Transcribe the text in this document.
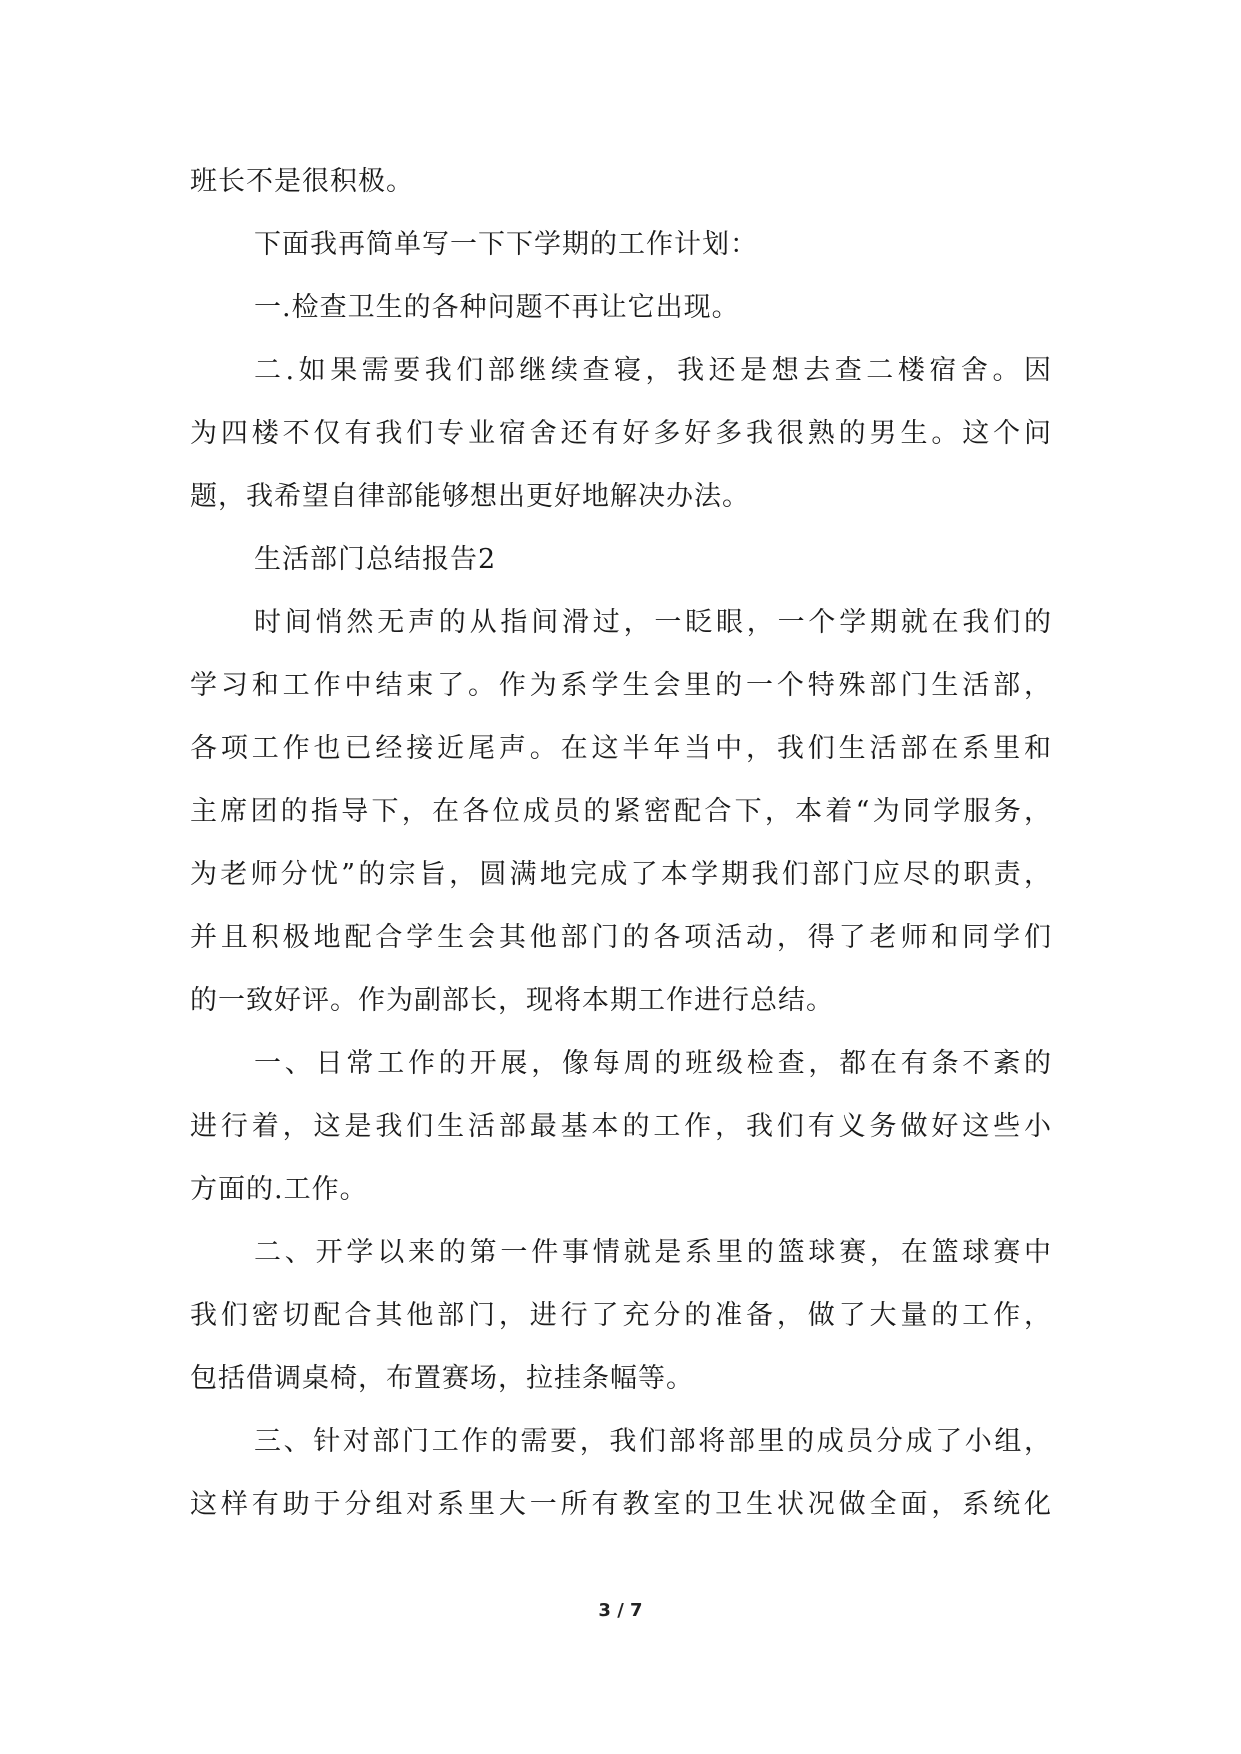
班长不是很积极。
下面我再简单写一下下学期的工作计划：
一.检查卫生的各种问题不再让它出现。
二.如果需要我们部继续查寝，我还是想去查二楼宿舍。因
为四楼不仅有我们专业宿舍还有好多好多我很熟的男生。这个问
题，我希望自律部能够想出更好地解决办法。
生活部门总结报告2
时间悄然无声的从指间滑过，一眨眼，一个学期就在我们的
学习和工作中结束了。作为系学生会里的一个特殊部门生活部，
各项工作也已经接近尾声。在这半年当中，我们生活部在系里和
主席团的指导下，在各位成员的紧密配合下，本着“为同学服务，
为老师分忧”的宗旨，圆满地完成了本学期我们部门应尽的职责，
并且积极地配合学生会其他部门的各项活动，得了老师和同学们
的一致好评。作为副部长，现将本期工作进行总结。
一、日常工作的开展，像每周的班级检查，都在有条不紊的
进行着，这是我们生活部最基本的工作，我们有义务做好这些小
方面的.工作。
二、开学以来的第一件事情就是系里的篮球赛，在篮球赛中
我们密切配合其他部门，进行了充分的准备，做了大量的工作，
包括借调桌椅，布置赛场，拉挂条幅等。
三、针对部门工作的需要，我们部将部里的成员分成了小组，
这样有助于分组对系里大一所有教室的卫生状况做全面，系统化
3 / 7
